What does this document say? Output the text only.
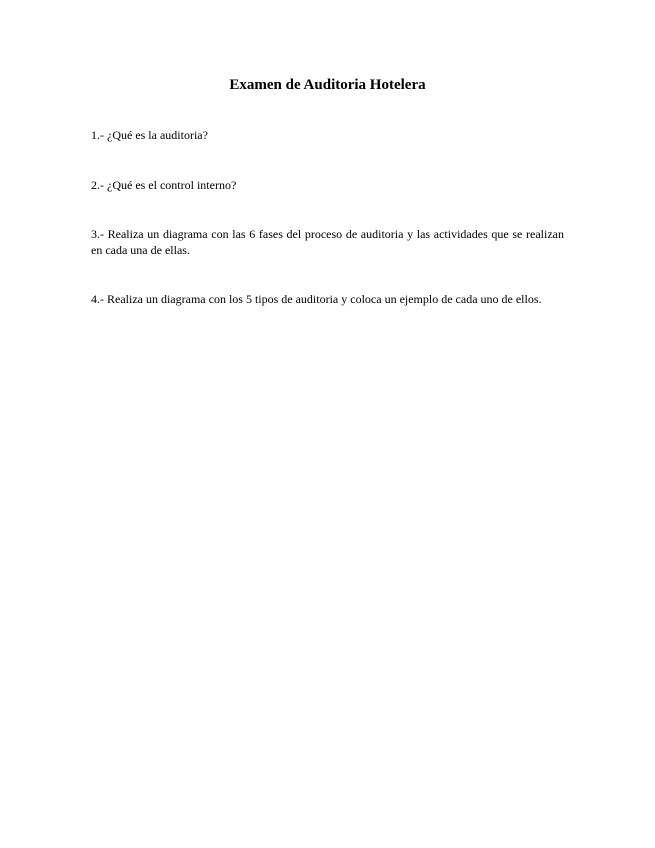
Examen de Auditoria Hotelera

1.- ¿Qué es la auditoria?

2.- ¿Qué es el control interno?

3.- Realiza un diagrama con las 6 fases del proceso de auditoria y las actividades que se realizan en cada una de ellas.

4.- Realiza un diagrama con los 5 tipos de auditoria y coloca un ejemplo de cada uno de ellos.
